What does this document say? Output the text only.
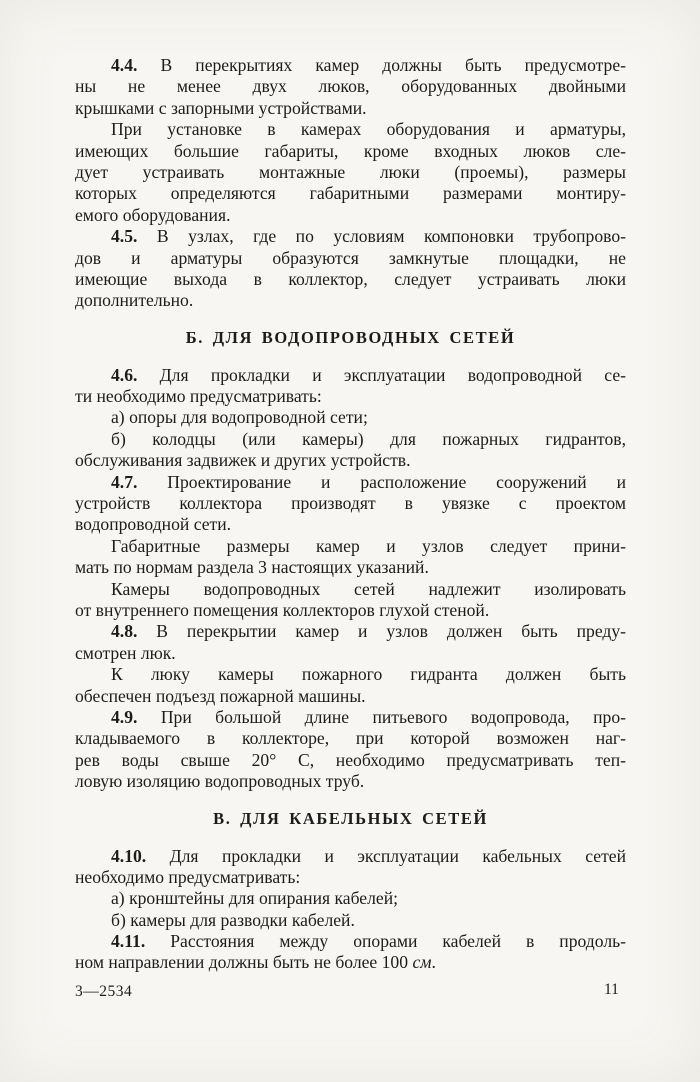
4.4. В перекрытиях камер должны быть предусмотре-
ны не менее двух люков, оборудованных двойными
крышками с запорными устройствами.
При установке в камерах оборудования и арматуры,
имеющих большие габариты, кроме входных люков сле-
дует устраивать монтажные люки (проемы), размеры
которых определяются габаритными размерами монтиру-
емого оборудования.
4.5. В узлах, где по условиям компоновки трубопрово-
дов и арматуры образуются замкнутые площадки, не
имеющие выхода в коллектор, следует устраивать люки
дополнительно.
Б. ДЛЯ ВОДОПРОВОДНЫХ СЕТЕЙ
4.6. Для прокладки и эксплуатации водопроводной се-
ти необходимо предусматривать:
а) опоры для водопроводной сети;
б) колодцы (или камеры) для пожарных гидрантов,
обслуживания задвижек и других устройств.
4.7. Проектирование и расположение сооружений и
устройств коллектора производят в увязке с проектом
водопроводной сети.
Габаритные размеры камер и узлов следует прини-
мать по нормам раздела 3 настоящих указаний.
Камеры водопроводных сетей надлежит изолировать
от внутреннего помещения коллекторов глухой стеной.
4.8. В перекрытии камер и узлов должен быть преду-
смотрен люк.
К люку камеры пожарного гидранта должен быть
обеспечен подъезд пожарной машины.
4.9. При большой длине питьевого водопровода, про-
кладываемого в коллекторе, при которой возможен наг-
рев воды свыше 20° С, необходимо предусматривать теп-
ловую изоляцию водопроводных труб.
В. ДЛЯ КАБЕЛЬНЫХ СЕТЕЙ
4.10. Для прокладки и эксплуатации кабельных сетей
необходимо предусматривать:
а) кронштейны для опирания кабелей;
б) камеры для разводки кабелей.
4.11. Расстояния между опорами кабелей в продоль-
ном направлении должны быть не более 100 см.
3—2534	11
